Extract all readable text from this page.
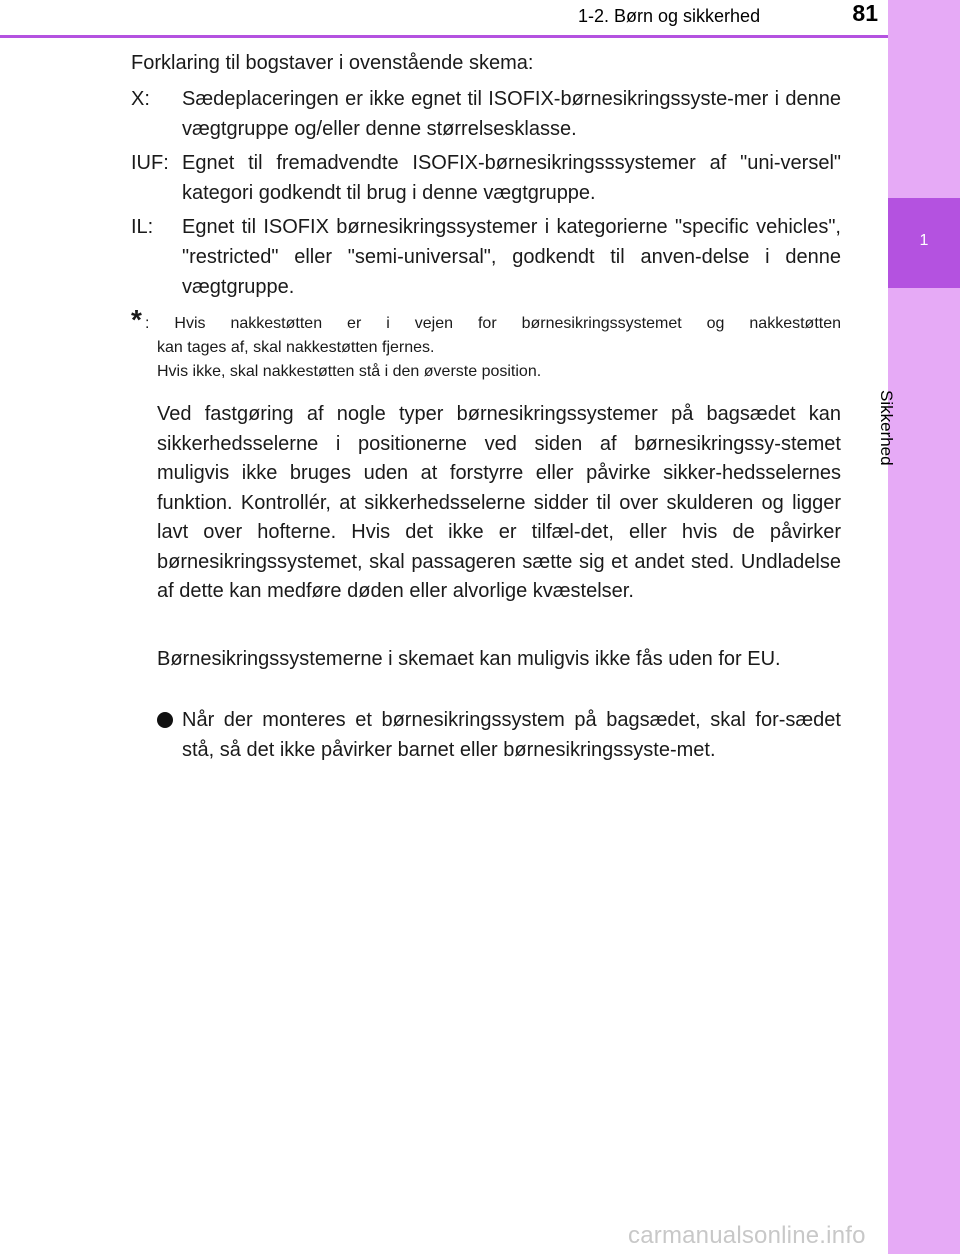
1
Sikkerhed
1-2. Børn og sikkerhed	81
Forklaring til bogstaver i ovenstående skema:
X: Sædeplaceringen er ikke egnet til ISOFIX-børnesikringssyste-mer i denne vægtgruppe og/eller denne størrelsesklasse.
IUF: Egnet til fremadvendte ISOFIX-børnesikringsssystemer af "uni-versel" kategori godkendt til brug i denne vægtgruppe.
IL: Egnet til ISOFIX børnesikringssystemer i kategorierne "specific vehicles", "restricted" eller "semi-universal", godkendt til anven-delse i denne vægtgruppe.
* : Hvis nakkestøtten er i vejen for børnesikringssystemet og nakkestøtten
kan tages af, skal nakkestøtten fjernes.
Hvis ikke, skal nakkestøtten stå i den øverste position.
Ved fastgøring af nogle typer børnesikringssystemer på bagsædet kan sikkerhedsselerne i positionerne ved siden af børnesikringssy-stemet muligvis ikke bruges uden at forstyrre eller påvirke sikker-hedsselernes funktion. Kontrollér, at sikkerhedsselerne sidder til over skulderen og ligger lavt over hofterne. Hvis det ikke er tilfæl-det, eller hvis de påvirker børnesikringssystemet, skal passageren sætte sig et andet sted. Undladelse af dette kan medføre døden eller alvorlige kvæstelser.
Børnesikringssystemerne i skemaet kan muligvis ikke fås uden for EU.
Når der monteres et børnesikringssystem på bagsædet, skal for-sædet stå, så det ikke påvirker barnet eller børnesikringssyste-met.
carmanualsonline.info
